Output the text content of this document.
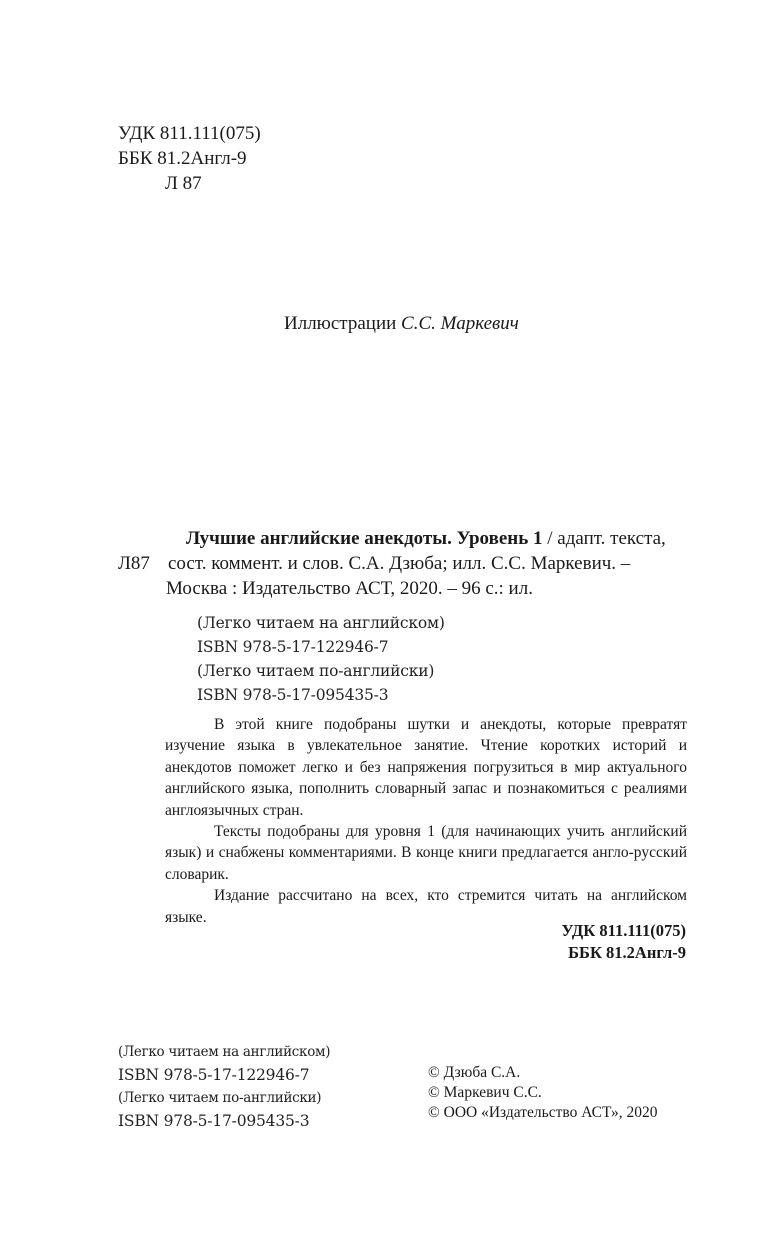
УДК 811.111(075)
ББК 81.2Англ-9
Л 87
Иллюстрации С.С. Маркевич
Л87
Лучшие английские анекдоты. Уровень 1 / адапт. текста,
сост. коммент. и слов. С.А. Дзюба; илл. С.С. Маркевич. –
Москва : Издательство АСТ, 2020. – 96 с.: ил.
(Легко читаем на английском)
ISBN 978-5-17-122946-7
(Легко читаем по-английски)
ISBN 978-5-17-095435-3
В этой книге подобраны шутки и анекдоты, которые превратят изучение языка в увлекательное занятие. Чтение коротких историй и анекдотов поможет легко и без напряжения погрузиться в мир актуального английского языка, пополнить словарный запас и познакомиться с реалиями англоязычных стран.
Тексты подобраны для уровня 1 (для начинающих учить английский язык) и снабжены комментариями. В конце книги предлагается англо-русский словарик.
Издание рассчитано на всех, кто стремится читать на английском языке.
УДК 811.111(075)
ББК 81.2Англ-9
(Легко читаем на английском)
ISBN 978-5-17-122946-7
(Легко читаем по-английски)
ISBN 978-5-17-095435-3
© Дзюба С.А.
© Маркевич С.С.
© ООО «Издательство АСТ», 2020
